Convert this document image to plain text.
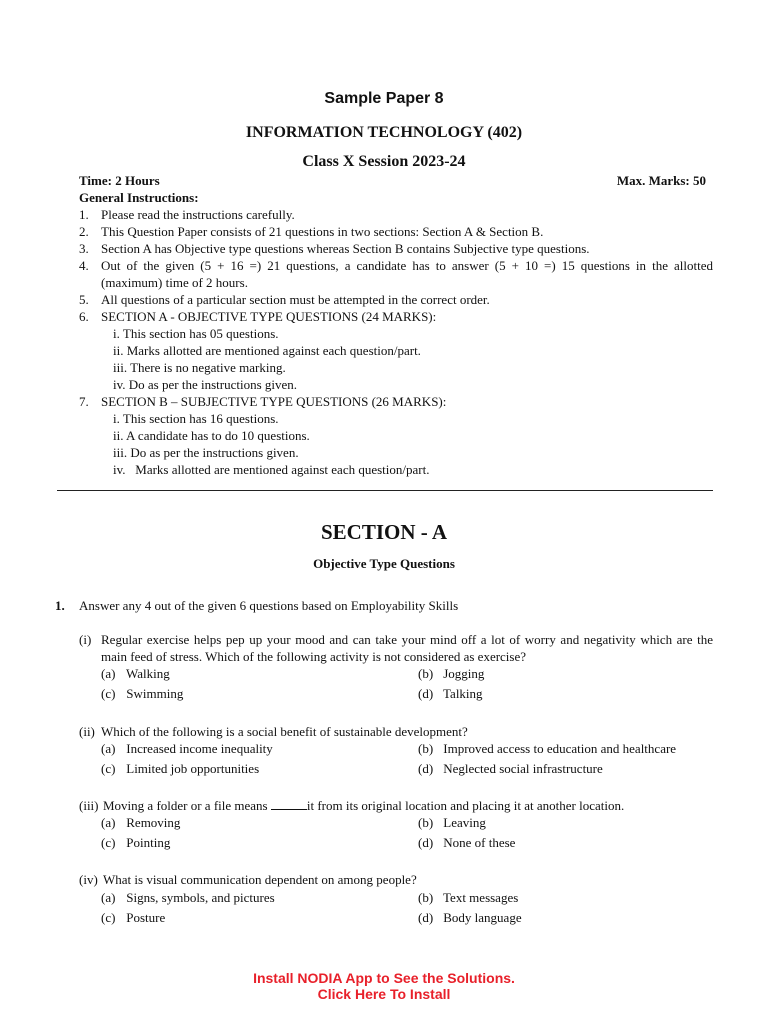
Sample Paper 8
INFORMATION TECHNOLOGY (402)
Class X Session 2023-24
Time: 2 Hours	Max. Marks: 50
General Instructions:
1. Please read the instructions carefully.
2. This Question Paper consists of 21 questions in two sections: Section A & Section B.
3. Section A has Objective type questions whereas Section B contains Subjective type questions.
4. Out of the given (5 + 16 =) 21 questions, a candidate has to answer (5 + 10 =) 15 questions in the allotted
(maximum) time of 2 hours.
5. All questions of a particular section must be attempted in the correct order.
6. SECTION A - OBJECTIVE TYPE QUESTIONS (24 MARKS):
i. This section has 05 questions.
ii. Marks allotted are mentioned against each question/part.
iii. There is no negative marking.
iv. Do as per the instructions given.
7. SECTION B – SUBJECTIVE TYPE QUESTIONS (26 MARKS):
i. This section has 16 questions.
ii. A candidate has to do 10 questions.
iii. Do as per the instructions given.
iv.   Marks allotted are mentioned against each question/part.
SECTION - A
Objective Type Questions
1. Answer any 4 out of the given 6 questions based on Employability Skills
(i) Regular exercise helps pep up your mood and can take your mind off a lot of worry and negativity which are the
main feed of stress. Which of the following activity is not considered as exercise?
(a) Walking	(b) Jogging
(c) Swimming	(d) Talking
(ii) Which of the following is a social benefit of sustainable development?
(a) Increased income inequality	(b) Improved access to education and healthcare
(c) Limited job opportunities	(d) Neglected social infrastructure
(iii) Moving a folder or a file means	it from its original location and placing it at another location.
(a) Removing	(b) Leaving
(c) Pointing	(d) None of these
(iv) What is visual communication dependent on among people?
(a) Signs, symbols, and pictures	(b) Text messages
(c) Posture	(d) Body language
Install NODIA App to See the Solutions.
Click Here To Install
